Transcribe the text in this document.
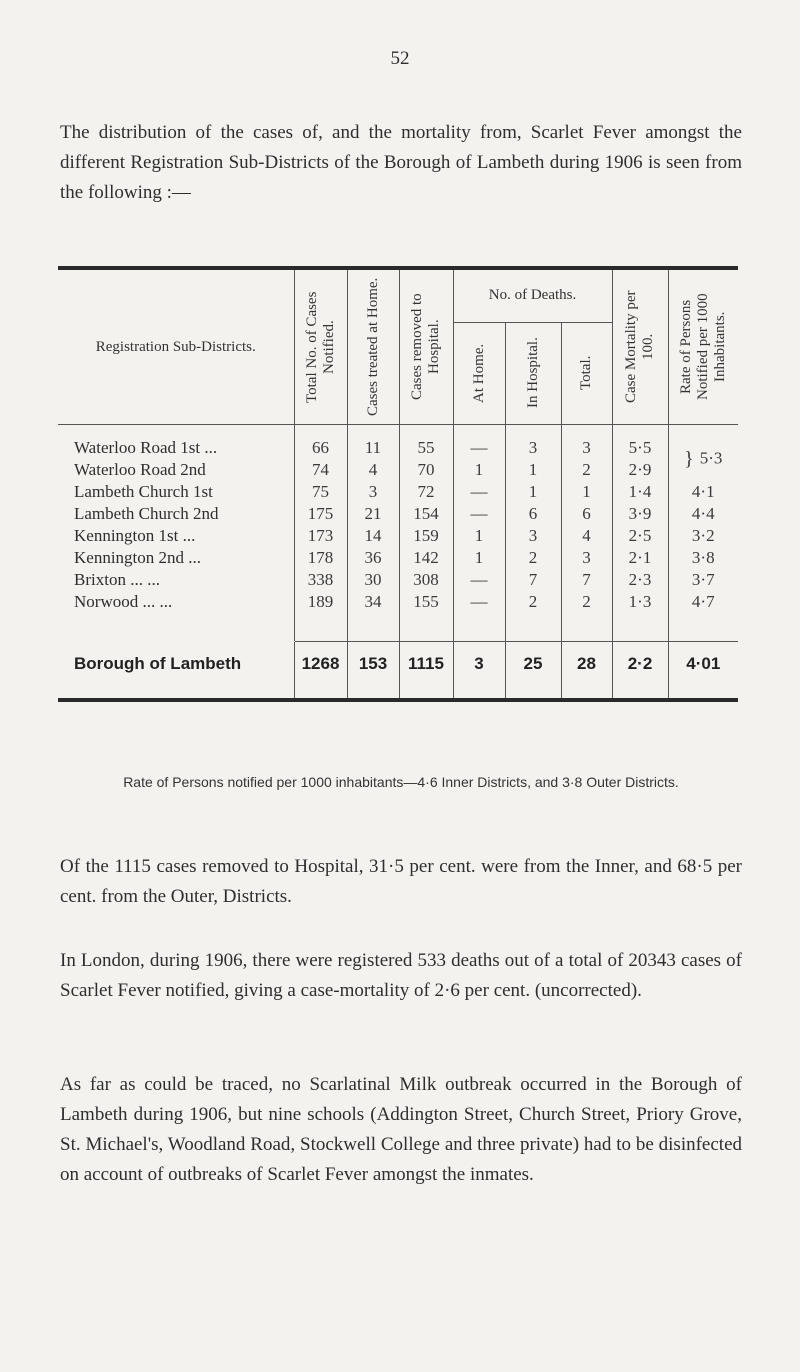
52
The distribution of the cases of, and the mortality from, Scarlet Fever amongst the different Registration Sub-Districts of the Borough of Lambeth during 1906 is seen from the following :—
Registration Sub-Districts.	Total No. of Cases Notified.	Cases treated at Home.	Cases removed to Hospital.	No. of Deaths.			Case Mortality per 100.	Rate of Persons Notified per 1000 Inhabitants.

				At Home.	In Hospital.	Total.		

Waterloo Road 1st ...	66	11	55	—	3	3	5·5	} 5·3
Waterloo Road 2nd	74	4	70	1	1	2	2·9	
Lambeth Church 1st	75	3	72	—	1	1	1·4	4·1
Lambeth Church 2nd	175	21	154	—	6	6	3·9	4·4
Kennington 1st ...	173	14	159	1	3	4	2·5	3·2
Kennington 2nd ...	178	36	142	1	2	3	2·1	3·8
Brixton ... ...	338	30	308	—	7	7	2·3	3·7
Norwood ... ...	189	34	155	—	2	2	1·3	4·7

Borough of Lambeth	1268	153	1115	3	25	28	2·2	4·01

Rate of Persons notified per 1000 inhabitants—4·6 Inner Districts, and 3·8 Outer Districts.
Of the 1115 cases removed to Hospital, 31·5 per cent. were from the Inner, and 68·5 per cent. from the Outer, Districts.
In London, during 1906, there were registered 533 deaths out of a total of 20343 cases of Scarlet Fever notified, giving a case-mortality of 2·6 per cent. (uncorrected).
As far as could be traced, no Scarlatinal Milk outbreak occurred in the Borough of Lambeth during 1906, but nine schools (Addington Street, Church Street, Priory Grove, St. Michael's, Woodland Road, Stockwell College and three private) had to be disinfected on account of outbreaks of Scarlet Fever amongst the inmates.
